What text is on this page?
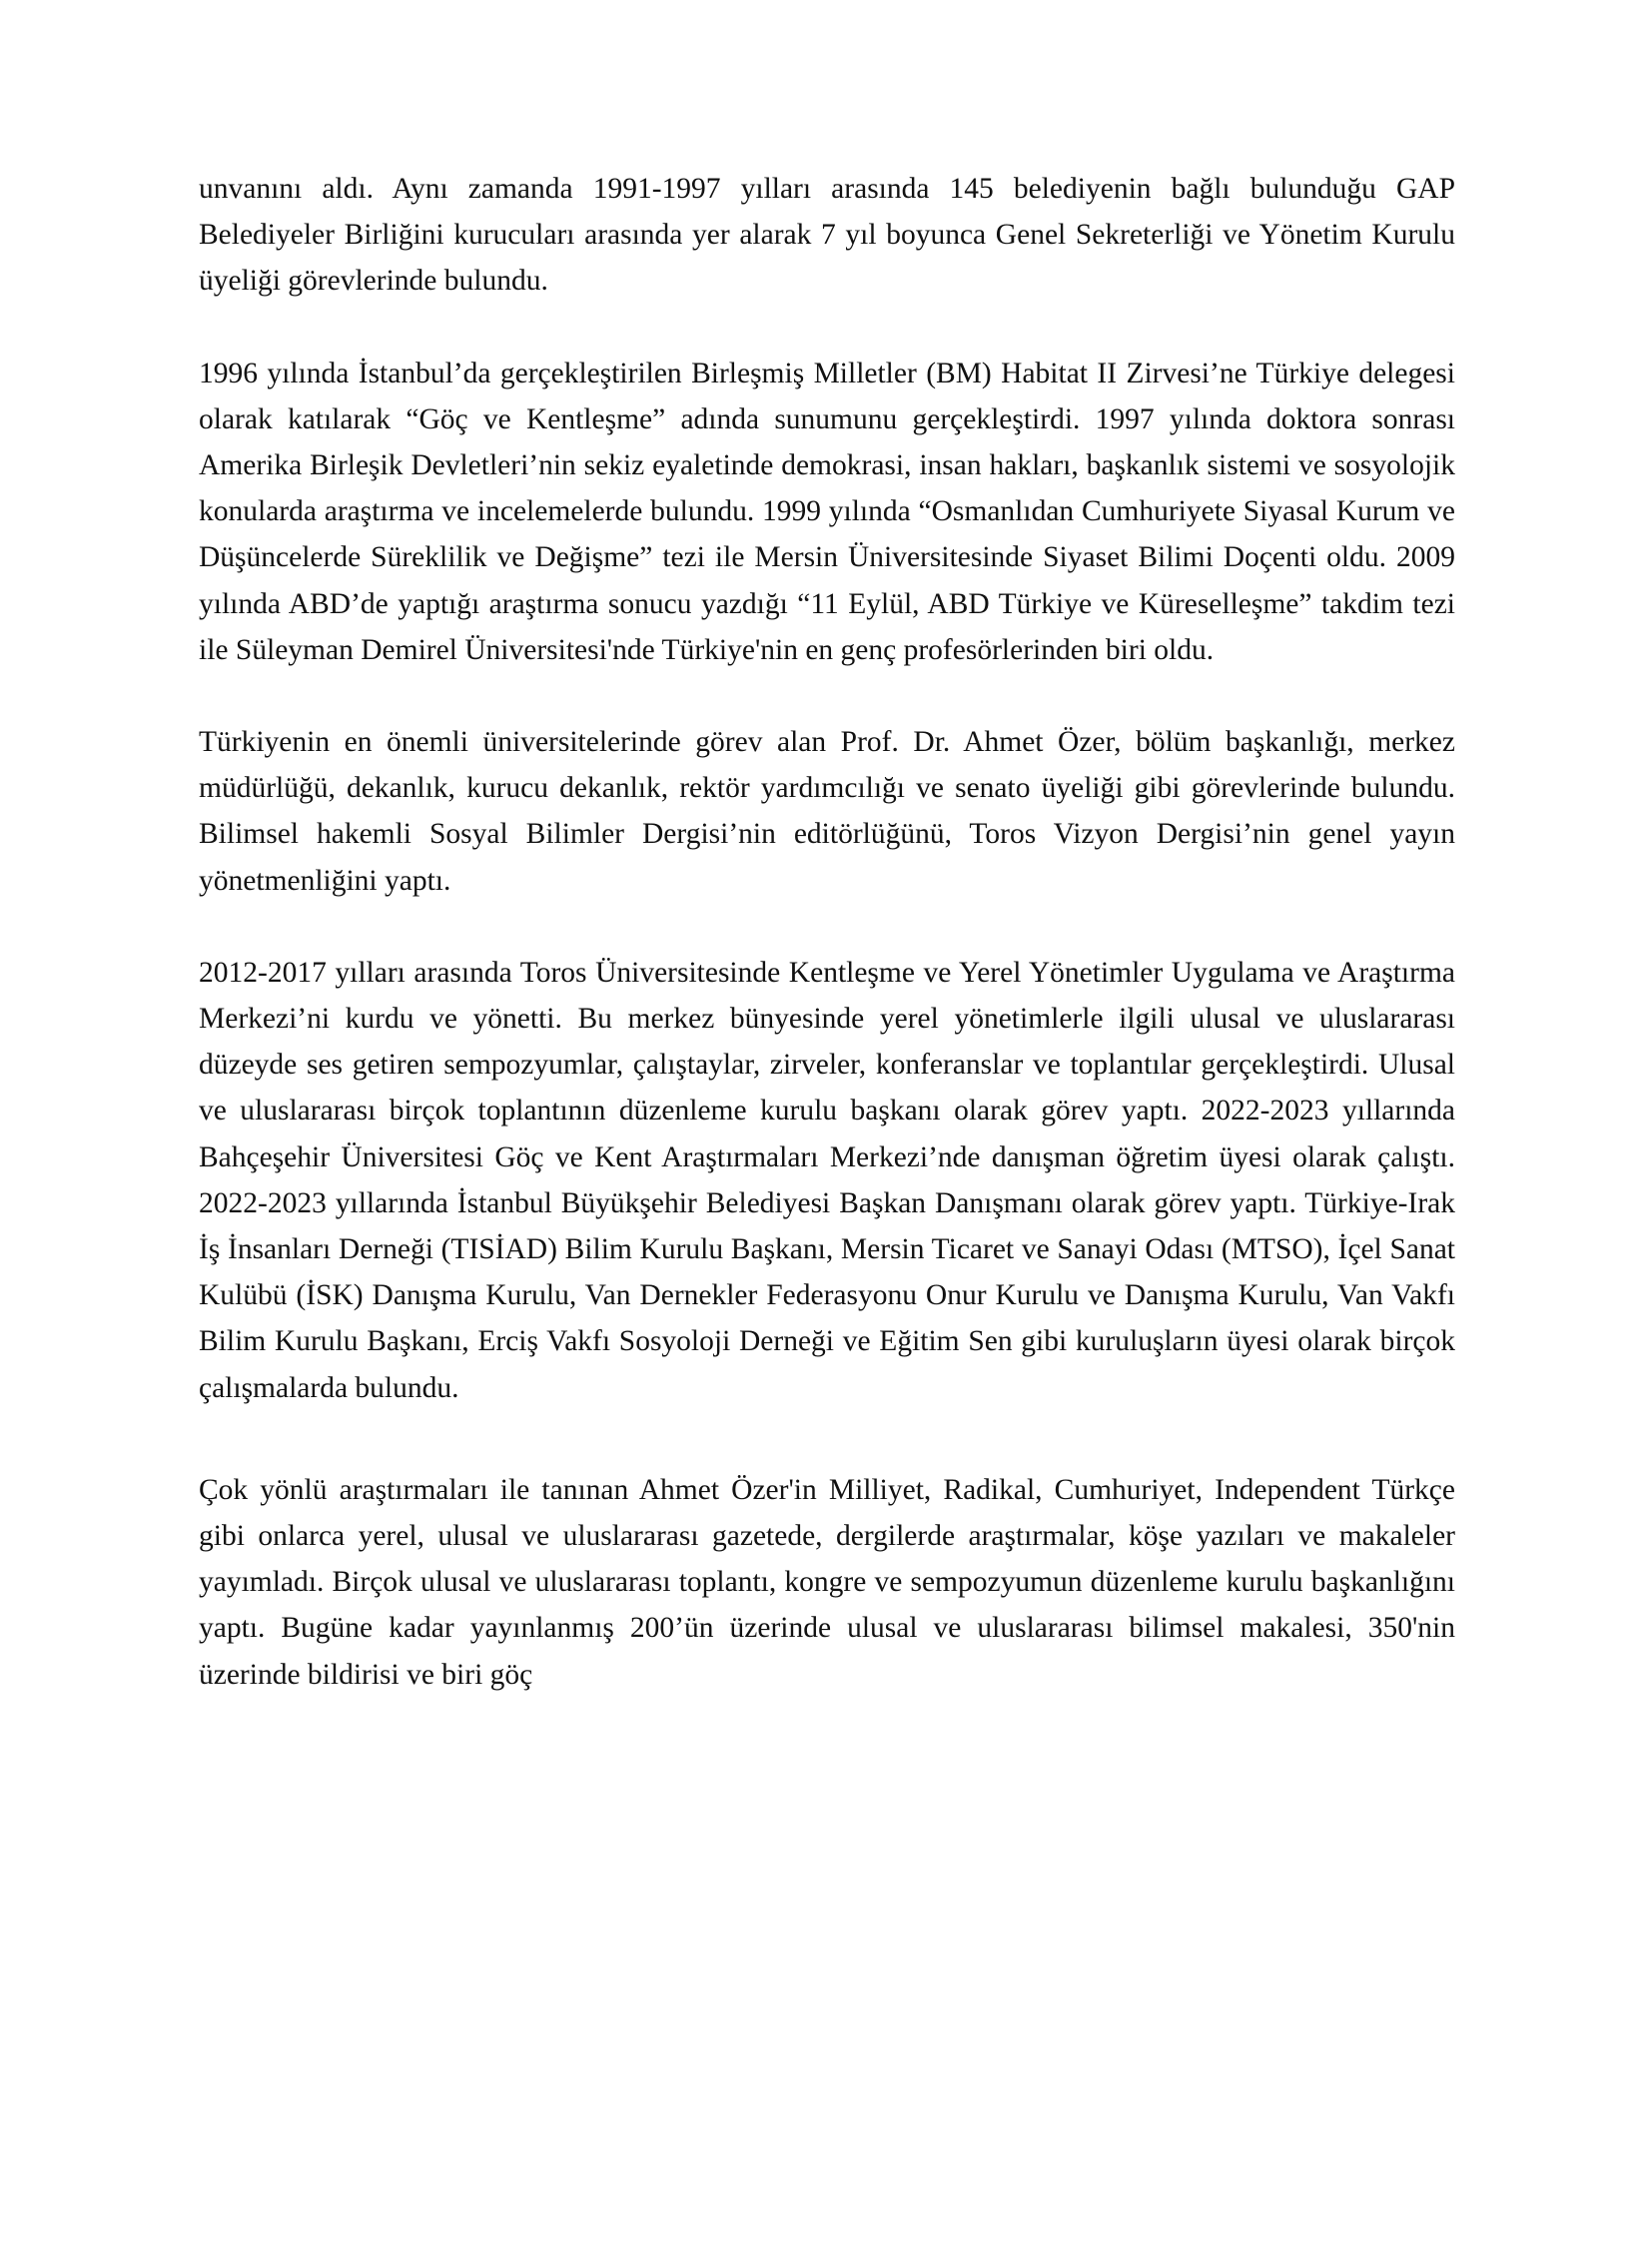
unvanını aldı. Aynı zamanda 1991-1997 yılları arasında 145 belediyenin bağlı bulunduğu GAP Belediyeler Birliğini kurucuları arasında yer alarak 7 yıl boyunca Genel Sekreterliği ve Yönetim Kurulu üyeliği görevlerinde bulundu.

1996 yılında İstanbul’da gerçekleştirilen Birleşmiş Milletler (BM) Habitat II Zirvesi’ne Türkiye delegesi olarak katılarak “Göç ve Kentleşme” adında sunumunu gerçekleştirdi. 1997 yılında doktora sonrası Amerika Birleşik Devletleri’nin sekiz eyaletinde demokrasi, insan hakları, başkanlık sistemi ve sosyolojik konularda araştırma ve incelemelerde bulundu. 1999 yılında “Osmanlıdan Cumhuriyete Siyasal Kurum ve Düşüncelerde Süreklilik ve Değişme” tezi ile Mersin Üniversitesinde Siyaset Bilimi Doçenti oldu. 2009 yılında ABD’de yaptığı araştırma sonucu yazdığı “11 Eylül, ABD Türkiye ve Küreselleşme” takdim tezi ile Süleyman Demirel Üniversitesi'nde Türkiye'nin en genç profesörlerinden biri oldu.

Türkiyenin en önemli üniversitelerinde görev alan Prof. Dr. Ahmet Özer, bölüm başkanlığı, merkez müdürlüğü, dekanlık, kurucu dekanlık, rektör yardımcılığı ve senato üyeliği gibi görevlerinde bulundu. Bilimsel hakemli Sosyal Bilimler Dergisi’nin editörlüğünü, Toros Vizyon Dergisi’nin genel yayın yönetmenliğini yaptı.

2012-2017 yılları arasında Toros Üniversitesinde Kentleşme ve Yerel Yönetimler Uygulama ve Araştırma Merkezi’ni kurdu ve yönetti. Bu merkez bünyesinde yerel yönetimlerle ilgili ulusal ve uluslararası düzeyde ses getiren sempozyumlar, çalıştaylar, zirveler, konferanslar ve toplantılar gerçekleştirdi. Ulusal ve uluslararası birçok toplantının düzenleme kurulu başkanı olarak görev yaptı. 2022-2023 yıllarında Bahçeşehir Üniversitesi Göç ve Kent Araştırmaları Merkezi’nde danışman öğretim üyesi olarak çalıştı. 2022-2023 yıllarında İstanbul Büyükşehir Belediyesi Başkan Danışmanı olarak görev yaptı. Türkiye-Irak İş İnsanları Derneği (TISİAD) Bilim Kurulu Başkanı, Mersin Ticaret ve Sanayi Odası (MTSO), İçel Sanat Kulübü (İSK) Danışma Kurulu, Van Dernekler Federasyonu Onur Kurulu ve Danışma Kurulu, Van Vakfı Bilim Kurulu Başkanı, Erciş Vakfı Sosyoloji Derneği ve Eğitim Sen gibi kuruluşların üyesi olarak birçok çalışmalarda bulundu.

Çok yönlü araştırmaları ile tanınan Ahmet Özer'in Milliyet, Radikal, Cumhuriyet, Independent Türkçe gibi onlarca yerel, ulusal ve uluslararası gazetede, dergilerde araştırmalar, köşe yazıları ve makaleler yayımladı. Birçok ulusal ve uluslararası toplantı, kongre ve sempozyumun düzenleme kurulu başkanlığını yaptı. Bugüne kadar yayınlanmış 200’ün üzerinde ulusal ve uluslararası bilimsel makalesi, 350'nin üzerinde bildirisi ve biri göç
